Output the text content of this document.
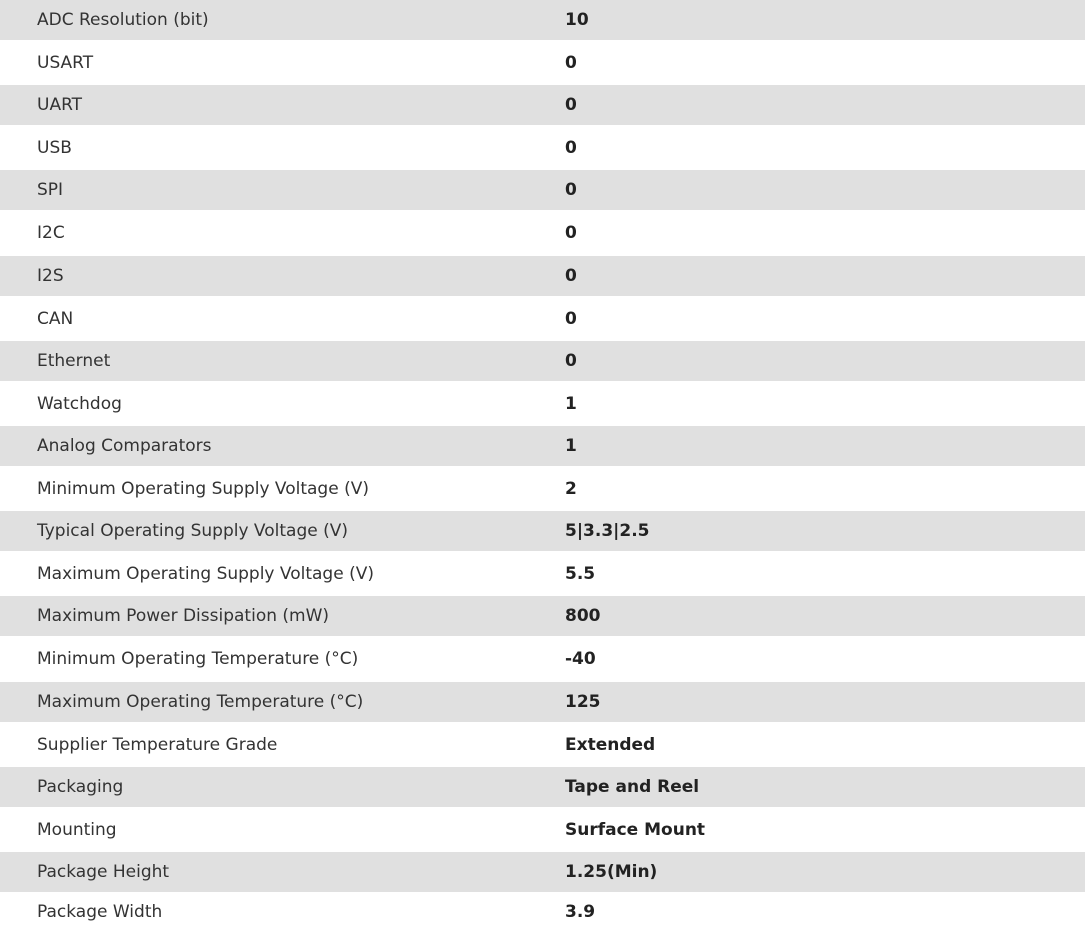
ADC Resolution (bit)	10
USART	0
UART	0
USB	0
SPI	0
I2C	0
I2S	0
CAN	0
Ethernet	0
Watchdog	1
Analog Comparators	1
Minimum Operating Supply Voltage (V)	2
Typical Operating Supply Voltage (V)	5|3.3|2.5
Maximum Operating Supply Voltage (V)	5.5
Maximum Power Dissipation (mW)	800
Minimum Operating Temperature (°C)	-40
Maximum Operating Temperature (°C)	125
Supplier Temperature Grade	Extended
Packaging	Tape and Reel
Mounting	Surface Mount
Package Height	1.25(Min)
Package Width	3.9
